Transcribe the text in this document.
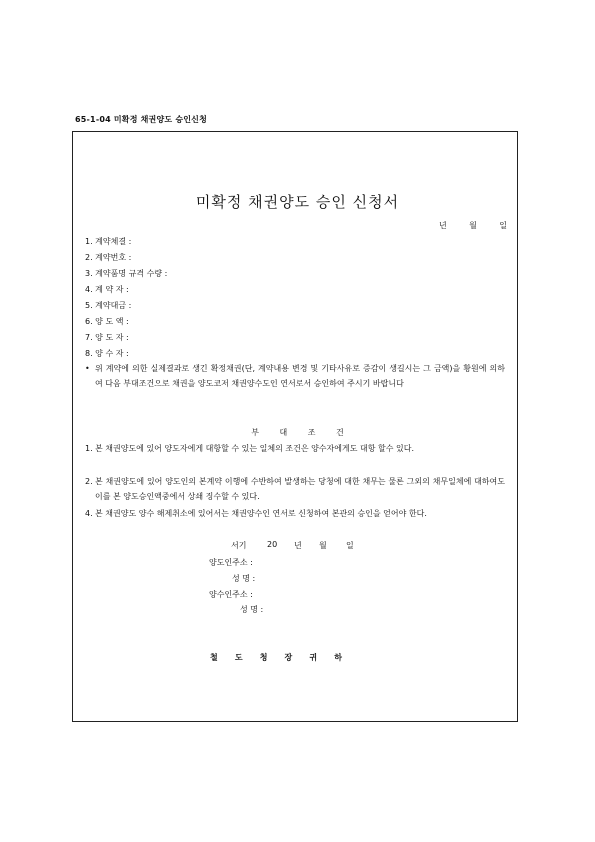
65-1-04 미확정 채권양도 승인신청
미확정 채권양도 승인 신청서
년	월	일
1. 계약체결 :
2. 계약번호 :
3. 계약품명 규격 수량 :
4. 계 약 자 :
5. 계약대금 :
6. 양 도 액 :
7. 양 도 자 :
8. 양 수 자 :
• 위 계약에 의한 실제결과로 생긴 확정채권(단, 계약내용 변경 및 기타사유로 증감이 생길시는 그 금액)을 황원에 의하여 다음 부대조건으로 채권을 양도코저 채권양수도인 연서로서 승인하여 주시기 바랍니다
부 대 조 건
1. 본 채권양도에 있어 양도자에게 대항할 수 있는 일체의 조건은 양수자에게도 대항 할수 있다.
2. 본 채권양도에 있어 양도인의 본계약 이행에 수반하여 발생하는 당청에 대한 채무는 물론 그외의 채무일체에 대하여도 이를 본 양도승인액중에서 상쇄 징수할 수 있다.
4. 본 채권양도 양수 해제취소에 있어서는 채권양수인 연서로 신청하여 본관의 승인을 얻어야 한다.
서기	20 년 월 일
양도인주소 :
성 명 :
양수인주소 :
성 명 :
철 도 청 장 귀 하
